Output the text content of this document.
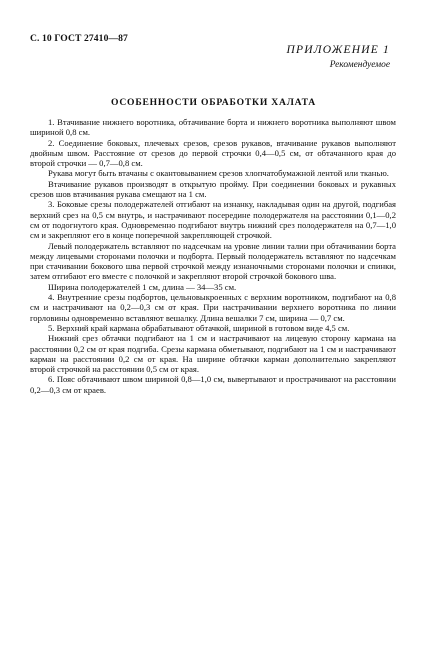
С. 10 ГОСТ 27410—87
ПРИЛОЖЕНИЕ 1
Рекомендуемое
ОСОБЕННОСТИ ОБРАБОТКИ ХАЛАТА

1. Втачивание нижнего воротника, обтачивание борта и нижнего воротника выполняют швом шириной 0,8 см.

2. Соединение боковых, плечевых срезов, срезов рукавов, втачивание рукавов выполняют двойным швом. Расстояние от срезов до первой строчки 0,4—0,5 см, от обтачанного края до второй строчки — 0,7—0,8 см.

Рукава могут быть втачаны с окантовыванием срезов хлопчатобумажной лентой или тканью.

Втачивание рукавов производят в открытую пройму. При соединении боковых и рукавных срезов шов втачивания рукава смещают на 1 см.

3. Боковые срезы полодержателей отгибают на изнанку, накладывая один на другой, подгибая верхний срез на 0,5 см внутрь, и настрачивают посередине полодержателя на расстоянии 0,1—0,2 см от подогнутого края. Одновременно подгибают внутрь нижний срез полодержателя на 0,7—1,0 см и закрепляют его в конце поперечной закрепляющей строчкой.

Левый полодержатель вставляют по надсечкам на уровне линии талии при обтачивании борта между лицевыми сторонами полочки и подборта. Первый полодержатель вставляют по надсечкам при стачивании бокового шва первой строчкой между изнаночными сторонами полочки и спинки, затем отгибают его вместе с полочкой и закрепляют второй строчкой бокового шва.

Ширина полодержателей 1 см, длина — 34—35 см.

4. Внутренние срезы подбортов, цельновыкроенных с верхним воротником, подгибают на 0,8 см и настрачивают на 0,2—0,3 см от края. При настрачивании верхнего воротника по линии горловины одновременно вставляют вешалку. Длина вешалки 7 см, ширина — 0,7 см.

5. Верхний край кармана обрабатывают обтачкой, шириной в готовом виде 4,5 см.

Нижний срез обтачки подгибают на 1 см и настрачивают на лицевую сторону кармана на расстоянии 0,2 см от края подгиба. Срезы кармана обметывают, подгибают на 1 см и настрачивают карман на расстоянии 0,2 см от края. На ширине обтачки карман дополнительно закрепляют второй строчкой на расстоянии 0,5 см от края.

6. Пояс обтачивают швом шириной 0,8—1,0 см, вывертывают и прострачивают на расстоянии 0,2—0,3 см от краев.
